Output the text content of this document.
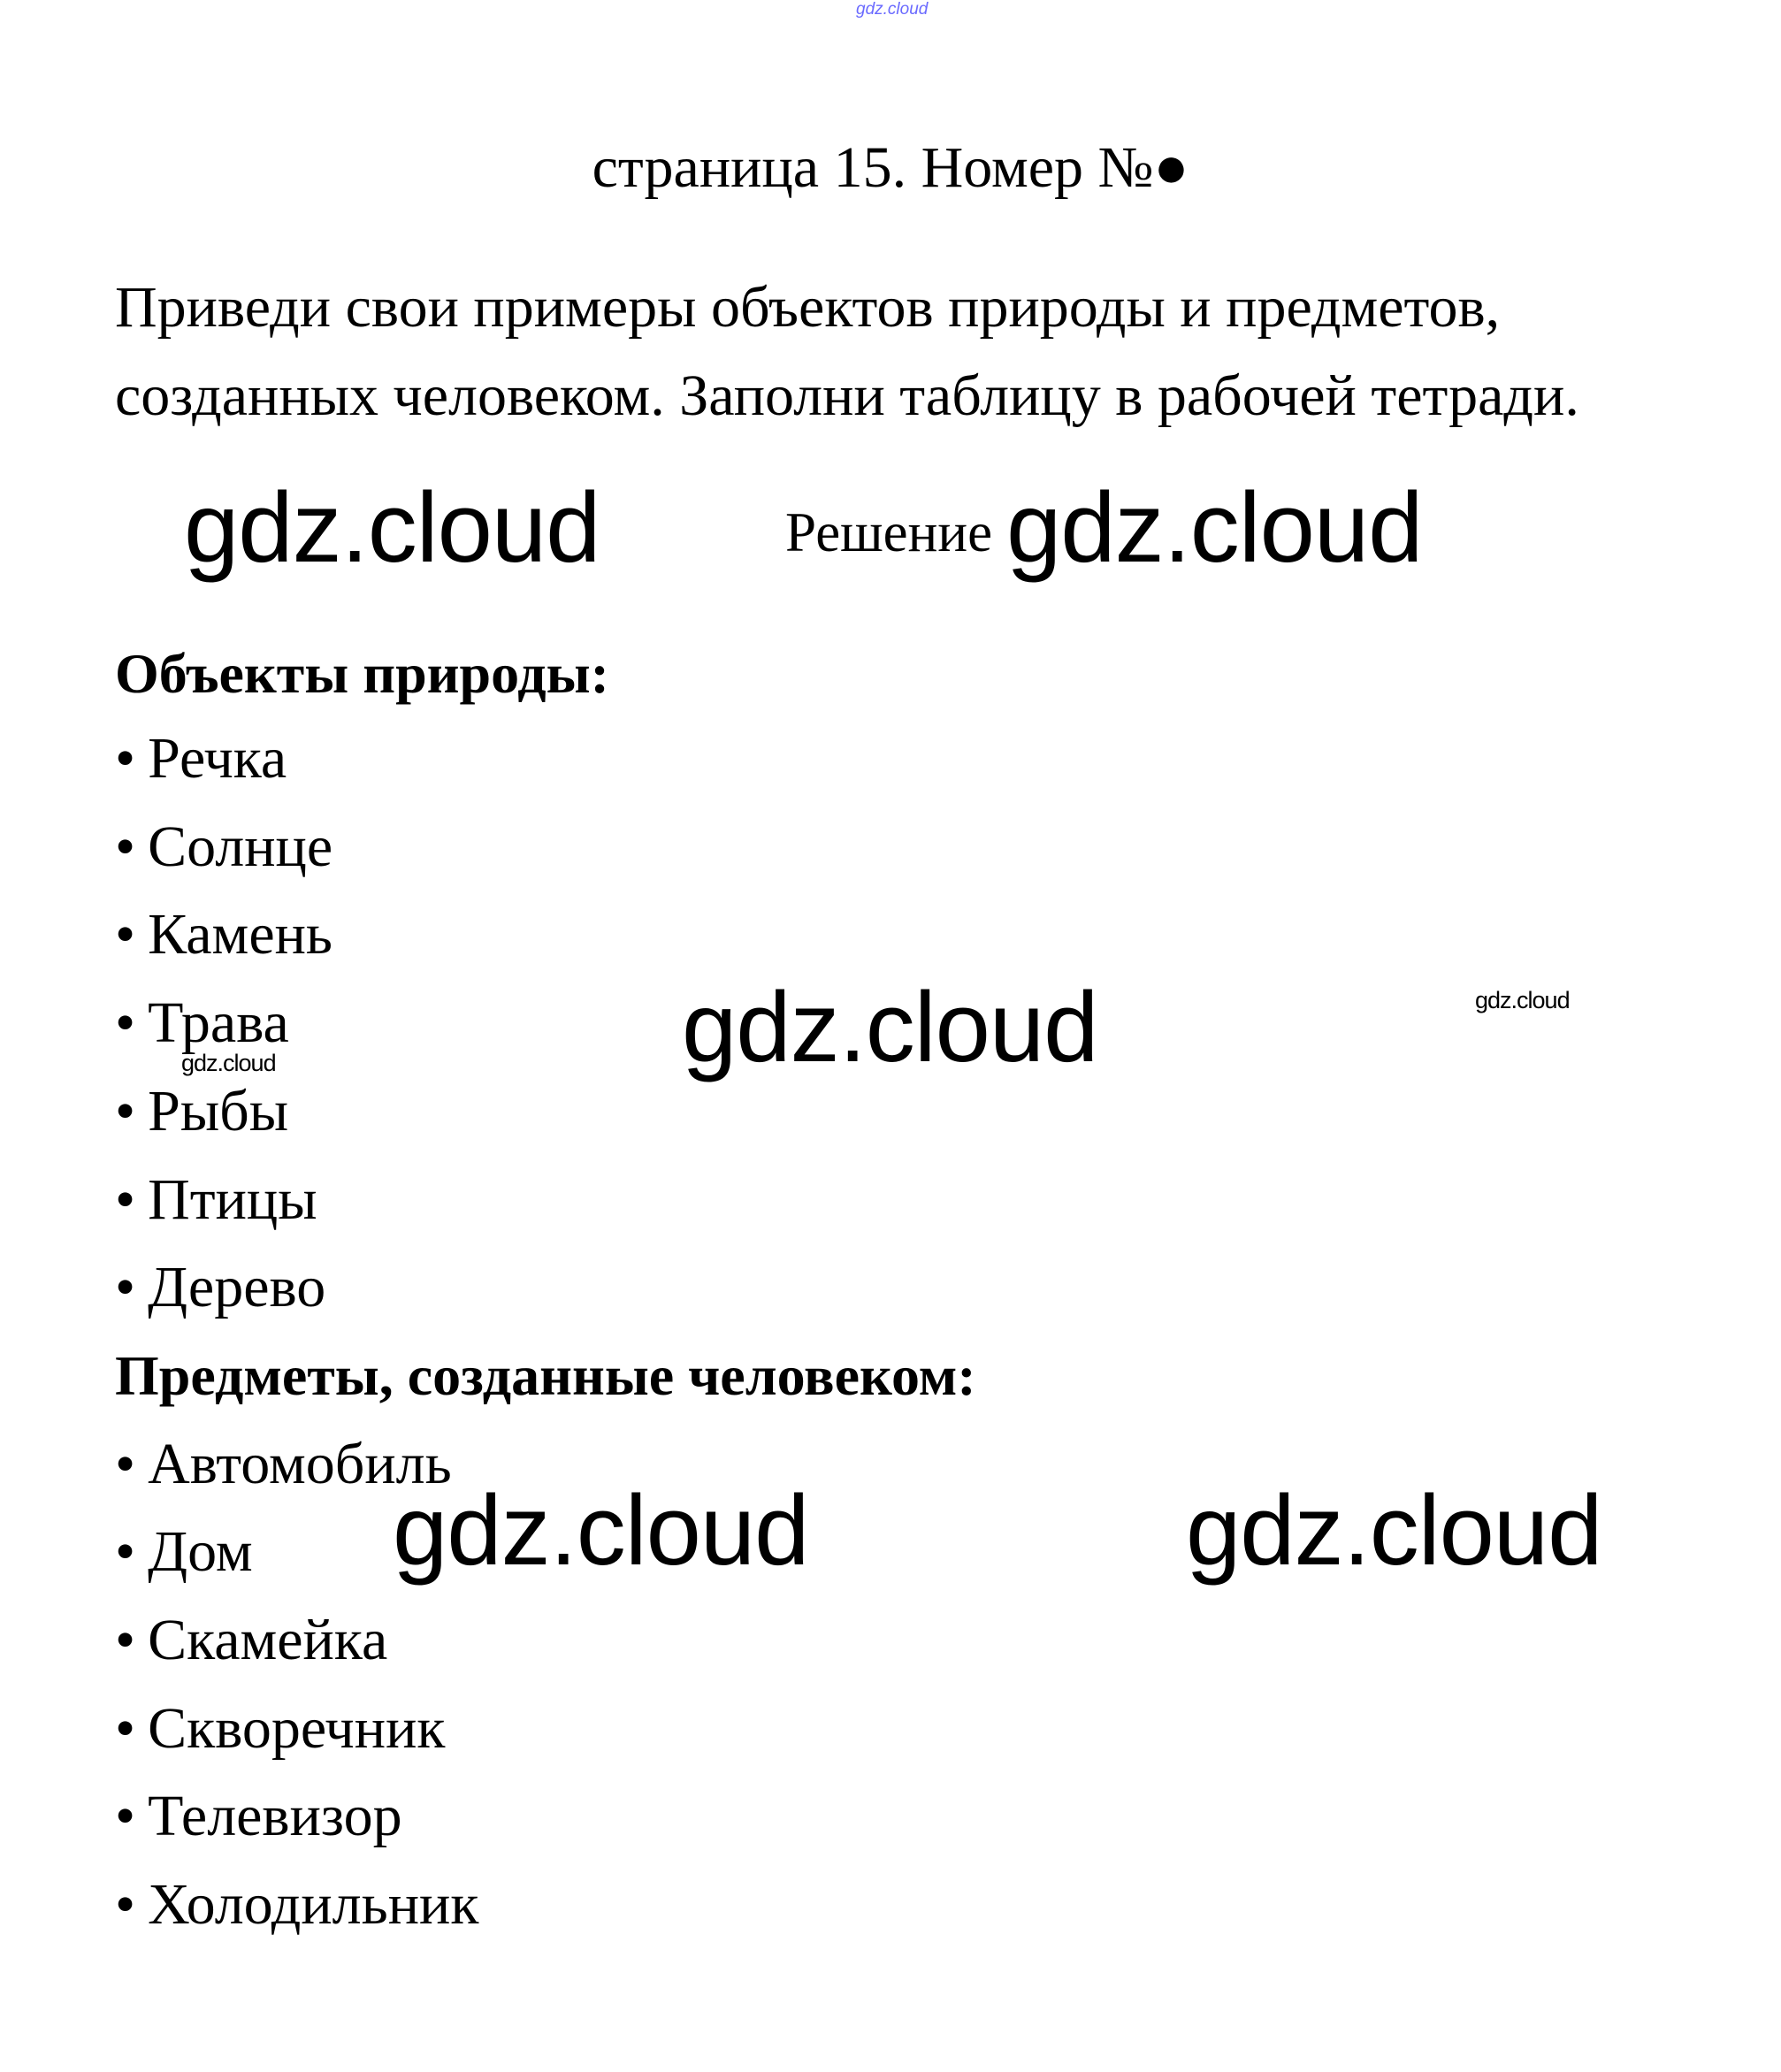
gdz.cloud
страница 15. Номер №●
Приведи свои примеры объектов природы и предметов,
созданных человеком. Заполни таблицу в рабочей тетради.
gdz.cloud	Решение gdz.cloud
gdz.cloud	gdz.cloud
gdz.cloud
gdz.cloud	gdz.cloud
Объекты природы:
• Речка
• Солнце
• Камень
• Трава
• Рыбы
• Птицы
• Дерево
Предметы, созданные человеком:
• Автомобиль
• Дом
• Скамейка
• Скворечник
• Телевизор
• Холодильник
